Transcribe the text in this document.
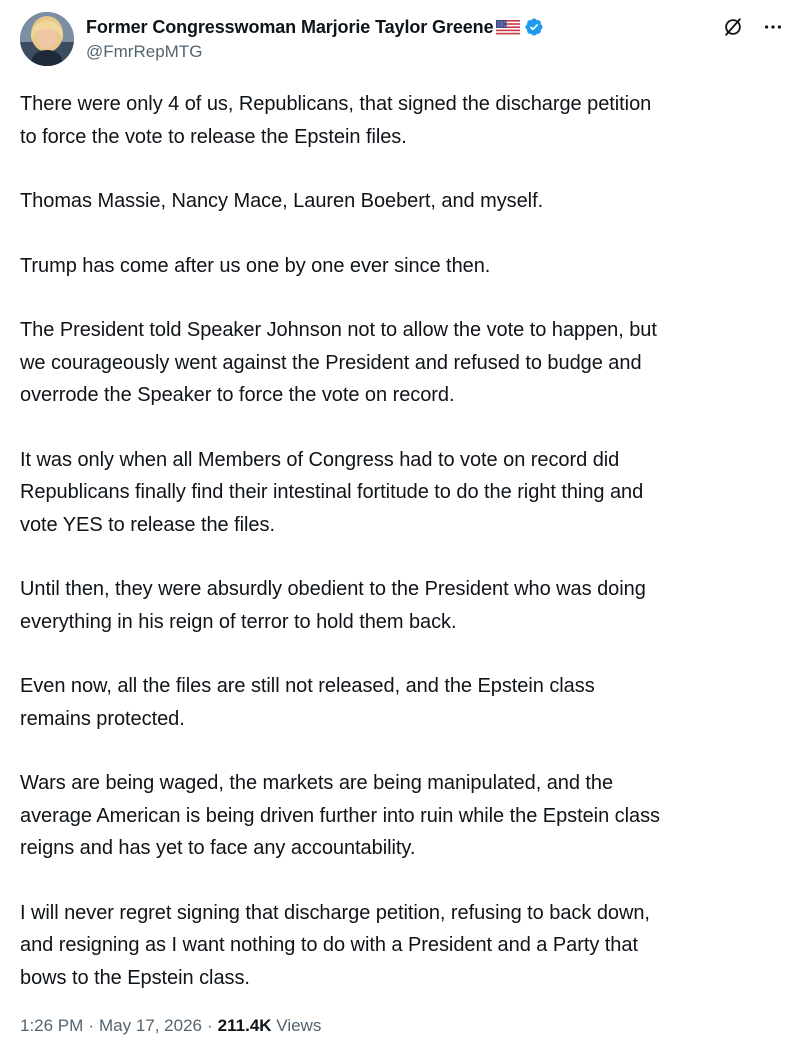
Former Congresswoman Marjorie Taylor Greene
@FmrRepMTG

There were only 4 of us, Republicans, that signed the discharge petition
to force the vote to release the Epstein files.

Thomas Massie, Nancy Mace, Lauren Boebert, and myself.

Trump has come after us one by one ever since then.

The President told Speaker Johnson not to allow the vote to happen, but
we courageously went against the President and refused to budge and
overrode the Speaker to force the vote on record.

It was only when all Members of Congress had to vote on record did
Republicans finally find their intestinal fortitude to do the right thing and
vote YES to release the files.

Until then, they were absurdly obedient to the President who was doing
everything in his reign of terror to hold them back.

Even now, all the files are still not released, and the Epstein class
remains protected.

Wars are being waged, the markets are being manipulated, and the
average American is being driven further into ruin while the Epstein class
reigns and has yet to face any accountability.

I will never regret signing that discharge petition, refusing to back down,
and resigning as I want nothing to do with a President and a Party that
bows to the Epstein class.

1:26 PM · May 17, 2026 · 211.4K Views
